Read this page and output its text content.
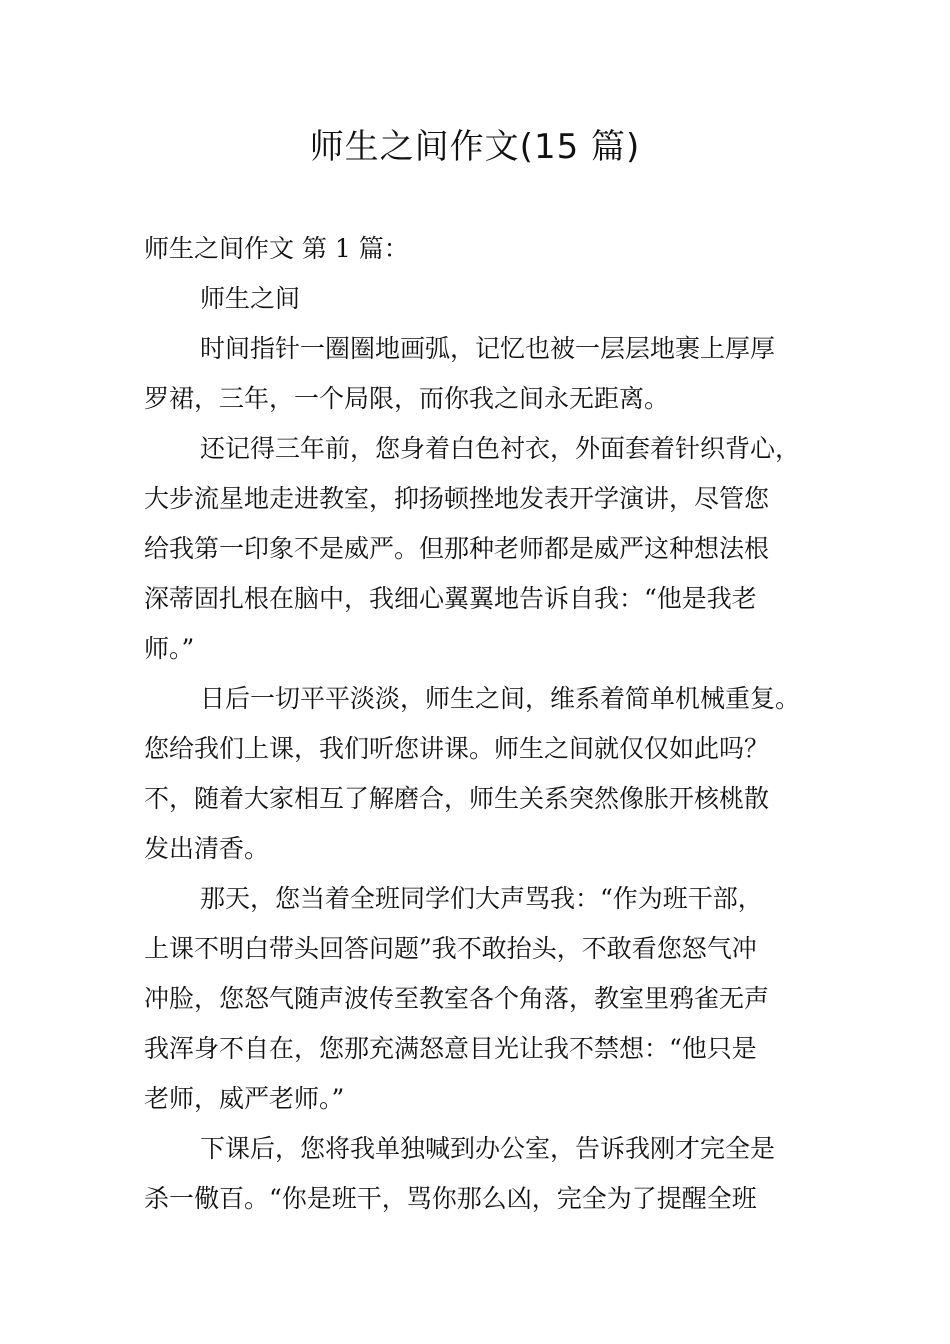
师生之间作文(15 篇)
师生之间作文 第 1 篇：
师生之间
时间指针一圈圈地画弧，记忆也被一层层地裹上厚厚
罗裙，三年，一个局限，而你我之间永无距离。
还记得三年前，您身着白色衬衣，外面套着针织背心，
大步流星地走进教室，抑扬顿挫地发表开学演讲，尽管您
给我第一印象不是威严。但那种老师都是威严这种想法根
深蒂固扎根在脑中，我细心翼翼地告诉自我：“他是我老
师。”
日后一切平平淡淡，师生之间，维系着简单机械重复。
您给我们上课，我们听您讲课。师生之间就仅仅如此吗？
不，随着大家相互了解磨合，师生关系突然像胀开核桃散
发出清香。
那天，您当着全班同学们大声骂我：“作为班干部，
上课不明白带头回答问题”我不敢抬头，不敢看您怒气冲
冲脸，您怒气随声波传至教室各个角落，教室里鸦雀无声
我浑身不自在，您那充满怒意目光让我不禁想：“他只是
老师，威严老师。”
下课后，您将我单独喊到办公室，告诉我刚才完全是
杀一儆百。“你是班干，骂你那么凶，完全为了提醒全班
